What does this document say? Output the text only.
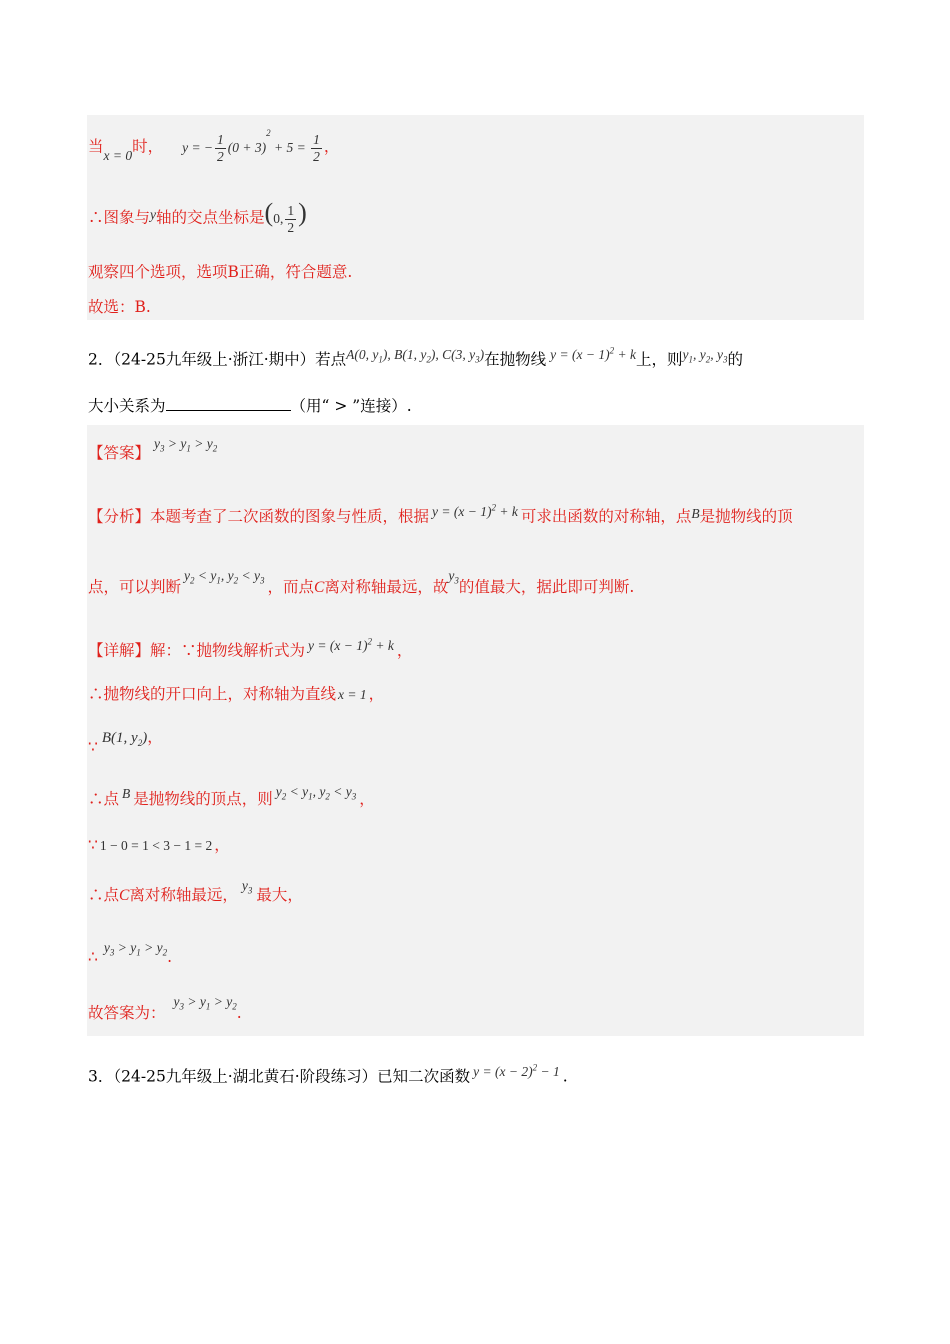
当x = 0时， y = − $\frac{1}{2} (0 + 3)^2 + 5 = \frac{1}{2}$ ，
∴图象与y轴的交点坐标是(0, $\frac{1}{2}$ )
观察四个选项，选项B正确，符合题意.
故选：B.
2．（24-25九年级上·浙江·期中）若点A(0, $y_1$), B(1, $y_2$), C(3, $y_3$)在抛物线 $y = (x - 1)^2 + k$上，则$y_1$, $y_2$, $y_3$的
大小关系为	（用“ > ”连接）.
【答案】$y_3 > y_1 > y_2$
【分析】本题考查了二次函数的图象与性质，根据 $y = (x - 1)^2 + k$ 可求出函数的对称轴，点B是抛物线的顶
点，可以判断$y_2 < y_1$, $y_2 < y_3$ ，而点C离对称轴最远，故$y_3$的值最大，据此即可判断.
【详解】解：∵抛物线解析式为 $y = (x - 1)^2 + k$ ，
∴抛物线的开口向上，对称轴为直线 x = 1 ，
∵ B(1, $y_2$)，
∴点 B 是抛物线的顶点，则 $y_2 < y_1$, $y_2 < y_3$ ，
∵ 1 − 0 = 1 < 3 − 1 = 2 ，
∴点C离对称轴最远，$y_3$ 最大，
$\therefore y_3 > y_1 > y_2$.
故答案为：$y_3 > y_1 > y_2$.
3．（24-25九年级上·湖北黄石·阶段练习）已知二次函数 $y = (x - 2)^2 - 1$ .
